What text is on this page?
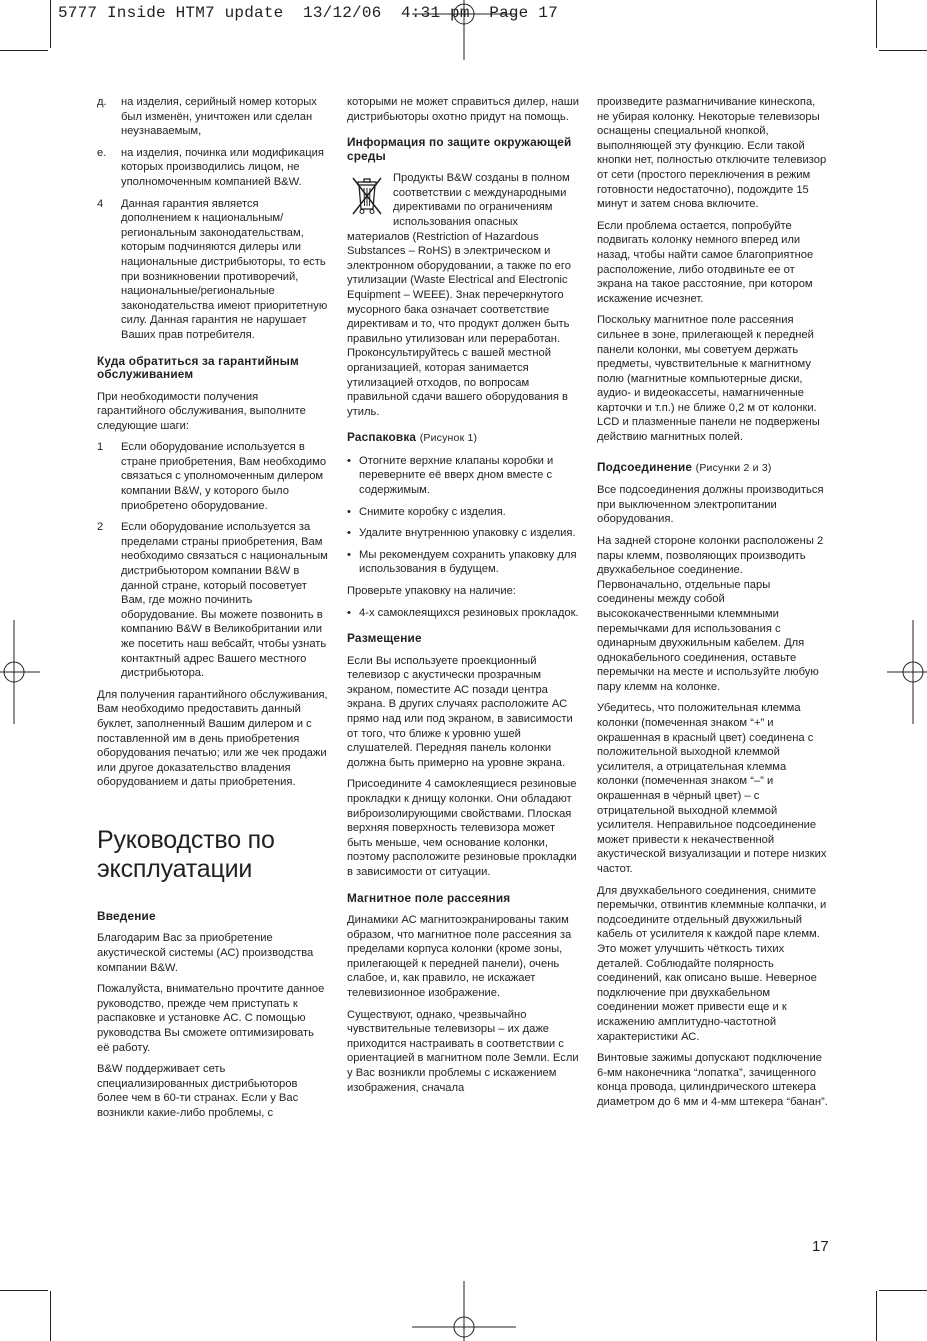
5777 Inside HTM7 update  13/12/06  4:31 pm  Page 17
д. на изделия, серийный номер которых был изменён, уничтожен или сделан неузнаваемым,
е. на изделия, починка или модификация которых производились лицом, не уполномоченным компанией B&W.
4 Данная гарантия является дополнением к национальным/региональным законодательствам, которым подчиняются дилеры или национальные дистрибьюторы, то есть при возникновении противоречий, национальные/региональные законодательства имеют приоритетную силу. Данная гарантия не нарушает Ваших прав потребителя.
Куда обратиться за гарантийным обслуживанием

При необходимости получения гарантийного обслуживания, выполните следующие шаги:

1 Если оборудование используется в стране приобретения, Вам необходимо связаться с уполномоченным дилером компании B&W, у которого было приобретено оборудование.
2 Если оборудование используется за пределами страны приобретения, Вам необходимо связаться с национальным дистрибьютором компании B&W в данной стране, который посоветует Вам, где можно починить оборудование. Вы можете позвонить в компанию B&W в Великобритании или же посетить наш вебсайт, чтобы узнать контактный адрес Вашего местного дистрибьютора.

Для получения гарантийного обслуживания, Вам необходимо предоставить данный буклет, заполненный Вашим дилером и с поставленной им в день приобретения оборудования печатью; или же чек продажи или другое доказательство владения оборудованием и даты приобретения.

Руководство по эксплуатации
Введение

Благодарим Вас за приобретение акустической системы (АС) производства компании B&W.

Пожалуйста, внимательно прочтите данное руководство, прежде чем приступать к распаковке и установке АС. С помощью руководства Вы сможете оптимизировать её работу.

B&W поддерживает сеть специализированных дистрибьюторов более чем в 60-ти странах. Если у Вас возникли какие-либо проблемы, с

которыми не может справиться дилер, наши дистрибьюторы охотно придут на помощь.

Информация по защите окружающей среды

Продукты B&W созданы в полном соответствии с международными директивами по ограничениям использования опасных материалов (Restriction of Hazardous Substances – RoHS) в электрическом и электронном оборудовании, а также по его утилизации (Waste Electrical and Electronic Equipment – WEEE). Знак перечеркнутого мусорного бака означает соответствие директивам и то, что продукт должен быть правильно утилизован или переработан. Проконсультируйтесь с вашей местной организацией, которая занимается утилизацией отходов, по вопросам правильной сдачи вашего оборудования в утиль.

Распаковка (Рисунок 1)
• Отогните верхние клапаны коробки и переверните её вверх дном вместе с содержимым.
• Снимите коробку с изделия.
• Удалите внутреннюю упаковку с изделия.
• Мы рекомендуем сохранить упаковку для использования в будущем.

Проверьте упаковку на наличие:

• 4-х самоклеящихся резиновых прокладок.
Размещение

Если Вы используете проекционный телевизор с акустически прозрачным экраном, поместите АС позади центра экрана. В других случаях расположите АС прямо над или под экраном, в зависимости от того, что ближе к уровню ушей слушателей. Передняя панель колонки должна быть примерно на уровне экрана.

Присоедините 4 самоклеящиеся резиновые прокладки к днищу колонки. Они обладают виброизолирующими свойствами. Плоская верхняя поверхность телевизора может быть меньше, чем основание колонки, поэтому расположите резиновые прокладки в зависимости от ситуации.

Магнитное поле рассеяния

Динамики АС магнитоэкранированы таким образом, что магнитное поле рассеяния за пределами корпуса колонки (кроме зоны, прилегающей к передней панели), очень слабое, и, как правило, не искажает телевизионное изображение.

Существуют, однако, чрезвычайно чувствительные телевизоры – их даже приходится настраивать в соответствии с ориентацией в магнитном поле Земли. Если у Вас возникли проблемы с искажением изображения, сначала

произведите размагничивание кинескопа, не убирая колонку. Некоторые телевизоры оснащены специальной кнопкой, выполняющей эту функцию. Если такой кнопки нет, полностью отключите телевизор от сети (простого переключения в режим готовности недостаточно), подождите 15 минут и затем снова включите.

Если проблема остается, попробуйте подвигать колонку немного вперед или назад, чтобы найти самое благоприятное расположение, либо отодвиньте ее от экрана на такое расстояние, при котором искажение исчезнет.

Поскольку магнитное поле рассеяния сильнее в зоне, прилегающей к передней панели колонки, мы советуем держать предметы, чувствительные к магнитному полю (магнитные компьютерные диски, аудио- и видеокассеты, намагниченные карточки и т.п.) не ближе 0,2 м от колонки. LCD и плазменные панели не подвержены действию магнитных полей.

Подсоединение (Рисунки 2 и 3)

Все подсоединения должны производиться при выключенном электропитании оборудования.

На задней стороне колонки расположены 2 пары клемм, позволяющих производить двухкабельное соединение. Первоначально, отдельные пары соединены между собой высококачественными клеммными перемычками для использования с одинарным двухжильным кабелем. Для однокабельного соединения, оставьте перемычки на месте и используйте любую пару клемм на колонке.

Убедитесь, что положительная клемма колонки (помеченная знаком “+” и окрашенная в красный цвет) соединена с положительной выходной клеммой усилителя, а отрицательная клемма колонки (помеченная знаком “–” и окрашенная в чёрный цвет) – с отрицательной выходной клеммой усилителя. Неправильное подсоединение может привести к некачественной акустической визуализации и потере низких частот.

Для двухкабельного соединения, снимите перемычки, отвинтив клеммные колпачки, и подсоедините отдельный двухжильный кабель от усилителя к каждой паре клемм. Это может улучшить чёткость тихих деталей. Соблюдайте полярность соединений, как описано выше. Неверное подключение при двухкабельном соединении может привести еще и к искажению амплитудно-частотной характеристики АС.

Винтовые зажимы допускают подключение 6-мм наконечника “лопатка”, зачищенного конца провода, цилиндрического штекера диаметром до 6 мм и 4-мм штекера “банан”.

17
